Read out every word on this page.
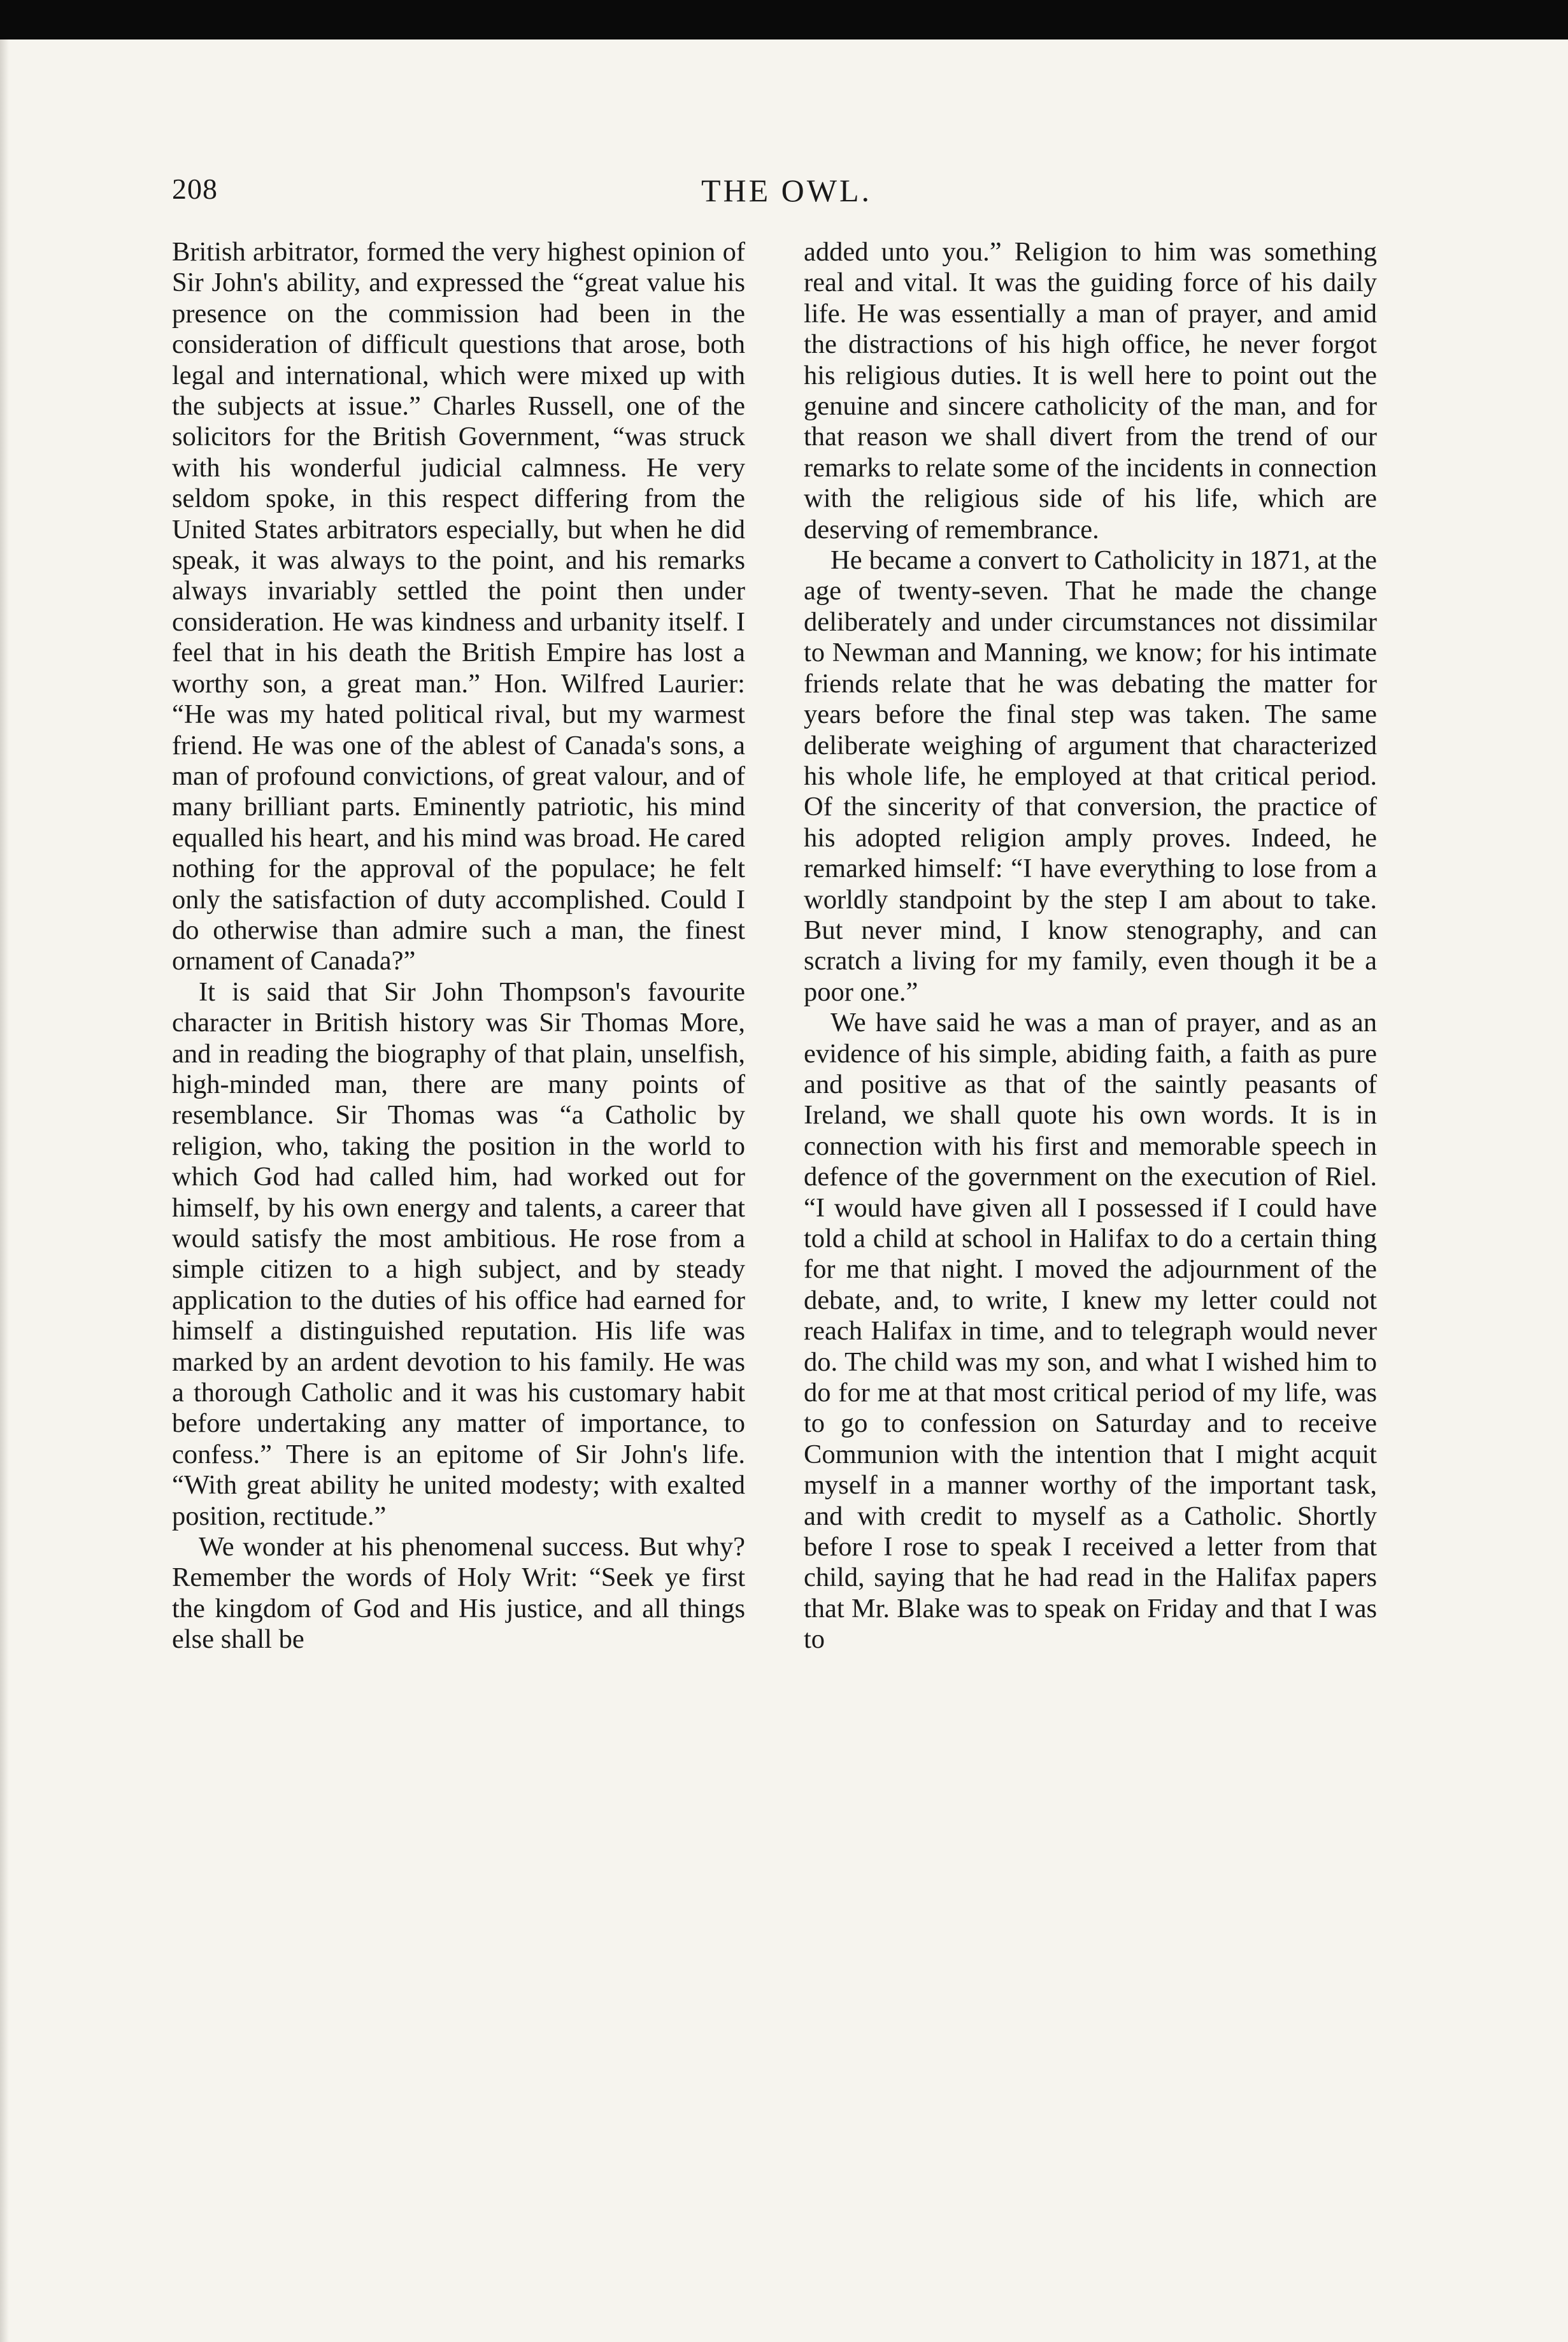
208	THE OWL.

British arbitrator, formed the very highest opinion of Sir John's ability, and expressed the “great value his presence on the commission had been in the consideration of difficult questions that arose, both legal and international, which were mixed up with the subjects at issue.” Charles Russell, one of the solicitors for the British Government, “was struck with his wonderful judicial calmness. He very seldom spoke, in this respect differing from the United States arbitrators especially, but when he did speak, it was always to the point, and his remarks always invariably settled the point then under consideration. He was kindness and urbanity itself. I feel that in his death the British Empire has lost a worthy son, a great man.” Hon. Wilfred Laurier: “He was my hated political rival, but my warmest friend. He was one of the ablest of Canada's sons, a man of profound convictions, of great valour, and of many brilliant parts. Eminently patriotic, his mind equalled his heart, and his mind was broad. He cared nothing for the approval of the populace; he felt only the satisfaction of duty accomplished. Could I do otherwise than admire such a man, the finest ornament of Canada?”

It is said that Sir John Thompson's favourite character in British history was Sir Thomas More, and in reading the biography of that plain, unselfish, high-minded man, there are many points of resemblance. Sir Thomas was “a Catholic by religion, who, taking the position in the world to which God had called him, had worked out for himself, by his own energy and talents, a career that would satisfy the most ambitious. He rose from a simple citizen to a high subject, and by steady application to the duties of his office had earned for himself a distinguished reputation. His life was marked by an ardent devotion to his family. He was a thorough Catholic and it was his customary habit before undertaking any matter of importance, to confess.” There is an epitome of Sir John's life. “With great ability he united modesty; with exalted position, rectitude.”

We wonder at his phenomenal success. But why? Remember the words of Holy Writ: “Seek ye first the kingdom of God and His justice, and all things else shall be

added unto you.” Religion to him was something real and vital. It was the guiding force of his daily life. He was essentially a man of prayer, and amid the distractions of his high office, he never forgot his religious duties. It is well here to point out the genuine and sincere catholicity of the man, and for that reason we shall divert from the trend of our remarks to relate some of the incidents in connection with the religious side of his life, which are deserving of remembrance.

He became a convert to Catholicity in 1871, at the age of twenty-seven. That he made the change deliberately and under circumstances not dissimilar to Newman and Manning, we know; for his intimate friends relate that he was debating the matter for years before the final step was taken. The same deliberate weighing of argument that characterized his whole life, he employed at that critical period. Of the sincerity of that conversion, the practice of his adopted religion amply proves. Indeed, he remarked himself: “I have everything to lose from a worldly standpoint by the step I am about to take. But never mind, I know stenography, and can scratch a living for my family, even though it be a poor one.”

We have said he was a man of prayer, and as an evidence of his simple, abiding faith, a faith as pure and positive as that of the saintly peasants of Ireland, we shall quote his own words. It is in connection with his first and memorable speech in defence of the government on the execution of Riel. “I would have given all I possessed if I could have told a child at school in Halifax to do a certain thing for me that night. I moved the adjournment of the debate, and, to write, I knew my letter could not reach Halifax in time, and to telegraph would never do. The child was my son, and what I wished him to do for me at that most critical period of my life, was to go to confession on Saturday and to receive Communion with the intention that I might acquit myself in a manner worthy of the important task, and with credit to myself as a Catholic. Shortly before I rose to speak I received a letter from that child, saying that he had read in the Halifax papers that Mr. Blake was to speak on Friday and that I was to
